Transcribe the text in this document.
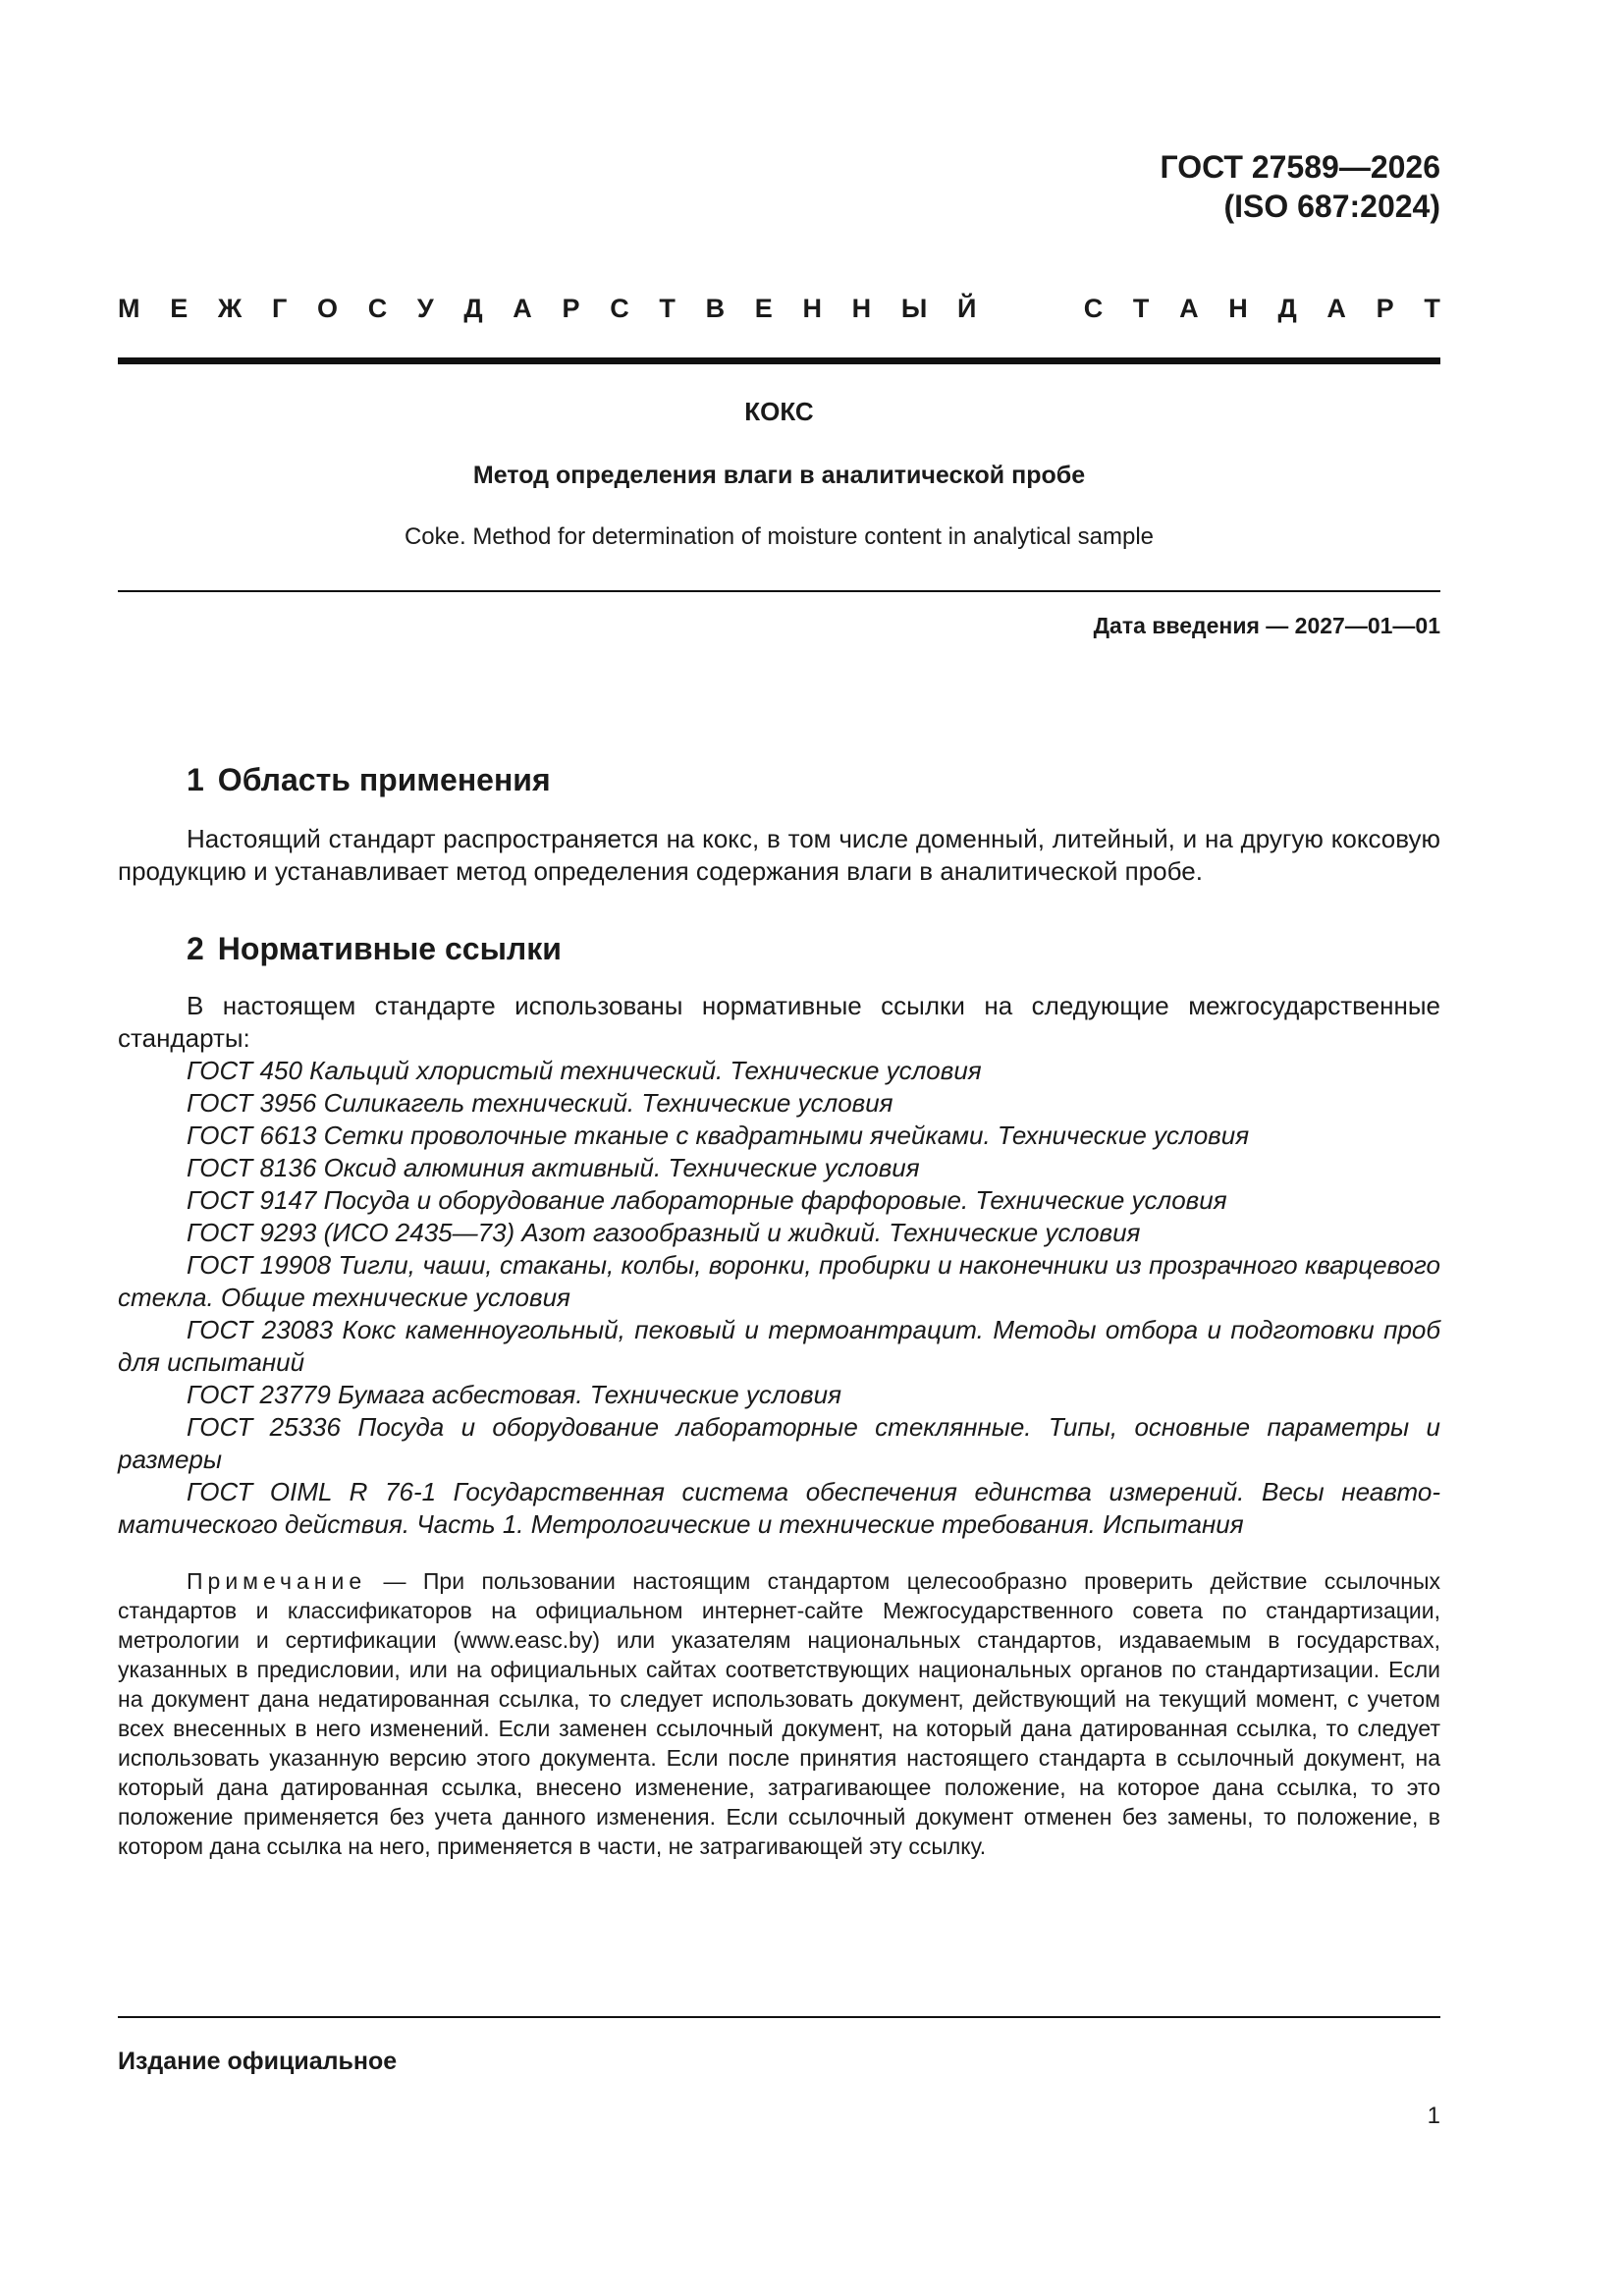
ГОСТ 27589—2026
(ISO 687:2024)
М Е Ж Г О С У Д А Р С Т В Е Н Н Ы Й	С Т А Н Д А Р Т
КОКС
Метод определения влаги в аналитической пробе
Coke. Method for determination of moisture content in analytical sample
Дата введения — 2027—01—01
1 Область применения

Настоящий стандарт распространяется на кокс, в том числе доменный, литейный, и на другую коксовую продукцию и устанавливает метод определения содержания влаги в аналитической пробе.

2 Нормативные ссылки

В настоящем стандарте использованы нормативные ссылки на следующие межгосударственные стандарты:

ГОСТ 450 Кальций хлористый технический. Технические условия
ГОСТ 3956 Силикагель технический. Технические условия
ГОСТ 6613 Сетки проволочные тканые с квадратными ячейками. Технические условия
ГОСТ 8136 Оксид алюминия активный. Технические условия
ГОСТ 9147 Посуда и оборудование лабораторные фарфоровые. Технические условия
ГОСТ 9293 (ИСО 2435—73) Азот газообразный и жидкий. Технические условия
ГОСТ 19908 Тигли, чаши, стаканы, колбы, воронки, пробирки и наконечники из прозрачного кварцевого стекла. Общие технические условия
ГОСТ 23083 Кокс каменноугольный, пековый и термоантрацит. Методы отбора и подготовки проб для испытаний
ГОСТ 23779 Бумага асбестовая. Технические условия
ГОСТ 25336 Посуда и оборудование лабораторные стеклянные. Типы, основные параметры и размеры
ГОСТ OIML R 76-1 Государственная система обеспечения единства измерений. Весы неавтоматического действия. Часть 1. Метрологические и технические требования. Испытания

Примечание — При пользовании настоящим стандартом целесообразно проверить действие ссылочных стандартов и классификаторов на официальном интернет-сайте Межгосударственного совета по стандартизации, метрологии и сертификации (www.easc.by) или указателям национальных стандартов, издаваемым в государствах, указанных в предисловии, или на официальных сайтах соответствующих национальных органов по стандартизации. Если на документ дана недатированная ссылка, то следует использовать документ, действующий на текущий момент, с учетом всех внесенных в него изменений. Если заменен ссылочный документ, на который дана датированная ссылка, то следует использовать указанную версию этого документа. Если после принятия настоящего стандарта в ссылочный документ, на который дана датированная ссылка, внесено изменение, затрагивающее положение, на которое дана ссылка, то это положение применяется без учета данного изменения. Если ссылочный документ отменен без замены, то положение, в котором дана ссылка на него, применяется в части, не затрагивающей эту ссылку.

Издание официальное
1
